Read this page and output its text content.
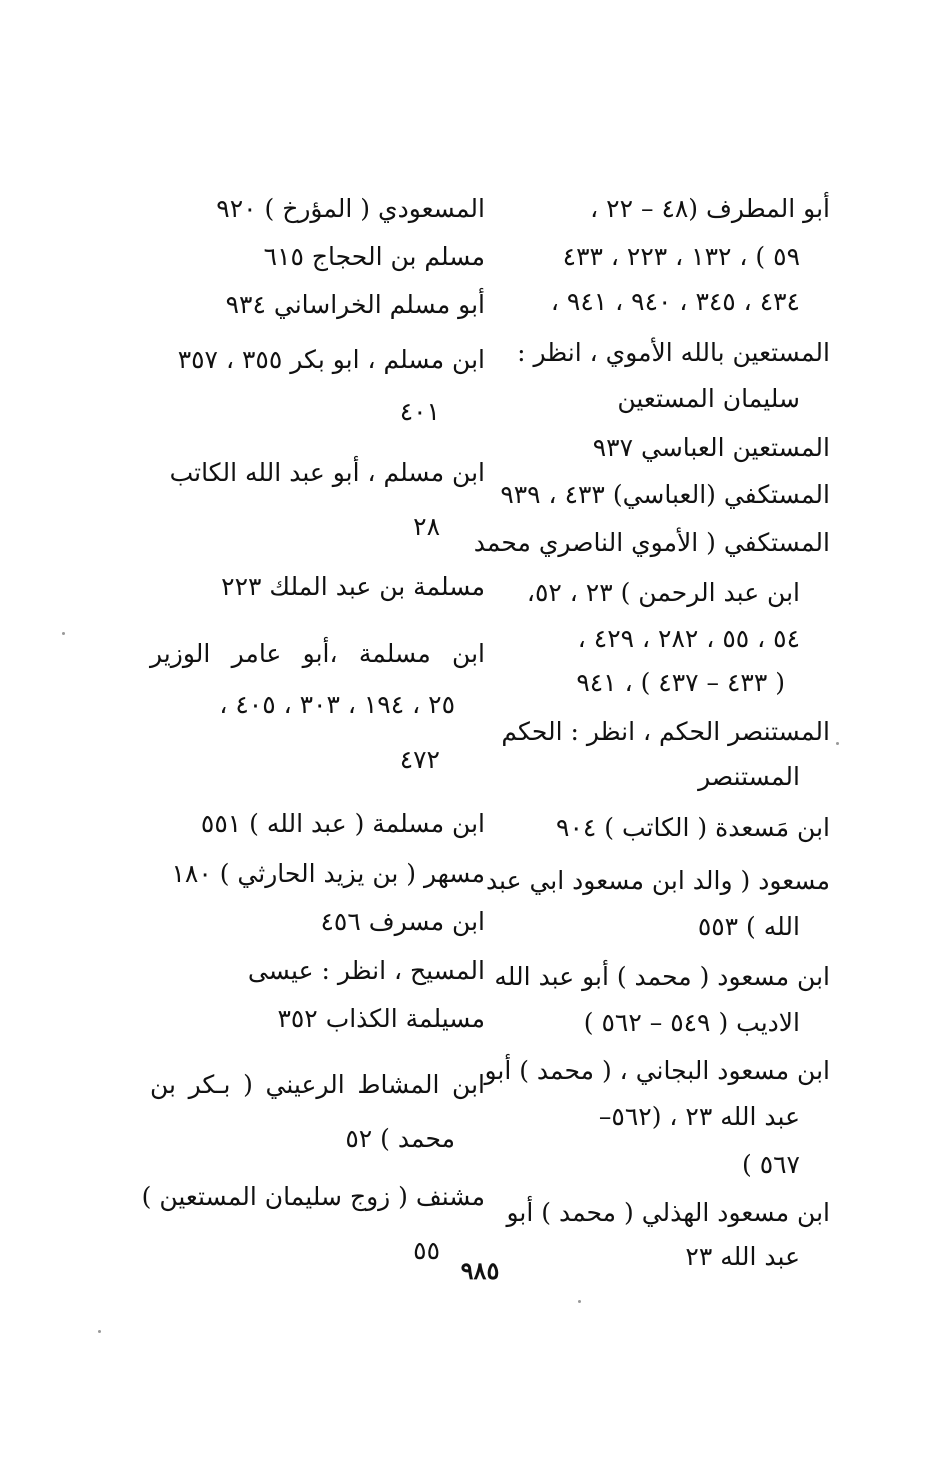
أبو المطرف (٤٨ – ٢٢ ،
٥٩ ) ، ١٣٢ ، ٢٢٣ ، ٤٣٣
٤٣٤ ، ٣٤٥ ، ٩٤٠ ، ٩٤١ ،
المستعين بالله الأموي ، انظر :
سليمان المستعين
المستعين العباسي ٩٣٧
المستكفي (العباسي) ٤٣٣ ، ٩٣٩
المستكفي ( الأموي الناصري محمد
ابن عبد الرحمن ) ٢٣ ، ٥٢،
٥٤ ، ٥٥ ، ٢٨٢ ، ٤٢٩ ،
( ٤٣٣ – ٤٣٧ ) ، ٩٤١
المستنصر الحكم ، انظر : الحكم
المستنصر
ابن مَسعدة ( الكاتب ) ٩٠٤
مسعود ( والد ابن مسعود ابي عبد
الله ) ٥٥٣
ابن مسعود ( محمد ) أبو عبد الله
الاديب ( ٥٤٩ – ٥٦٢ )
ابن مسعود البجاني ، ( محمد ) أبو
عبد الله ٢٣ ، (٥٦٢–
٥٦٧ )
ابن مسعود الهذلي ( محمد ) أبو
عبد الله ٢٣
المسعودي ( المؤرخ ) ٩٢٠
مسلم بن الحجاج ٦١٥
أبو مسلم الخراساني ٩٣٤
ابن مسلم ، ابو بكر ٣٥٥ ، ٣٥٧
٤٠١
ابن مسلم ، أبو عبد الله الكاتب
٢٨
مسلمة بن عبد الملك ٢٢٣
ابن مسلمة ،أبو عامر الوزير
٢٥ ، ١٩٤ ، ٣٠٣ ، ٤٠٥ ،
٤٧٢
ابن مسلمة ( عبد الله ) ٥٥١
مسهر ( بن يزيد الحارثي ) ١٨٠
ابن مسرف ٤٥٦
المسيح ، انظر : عيسى
مسيلمة الكذاب ٣٥٢
ابن المشاط الرعيني ( بـكر بن
محمد ) ٥٢
مشنف ( زوج سليمان المستعين )
٥٥
٩٨٥
